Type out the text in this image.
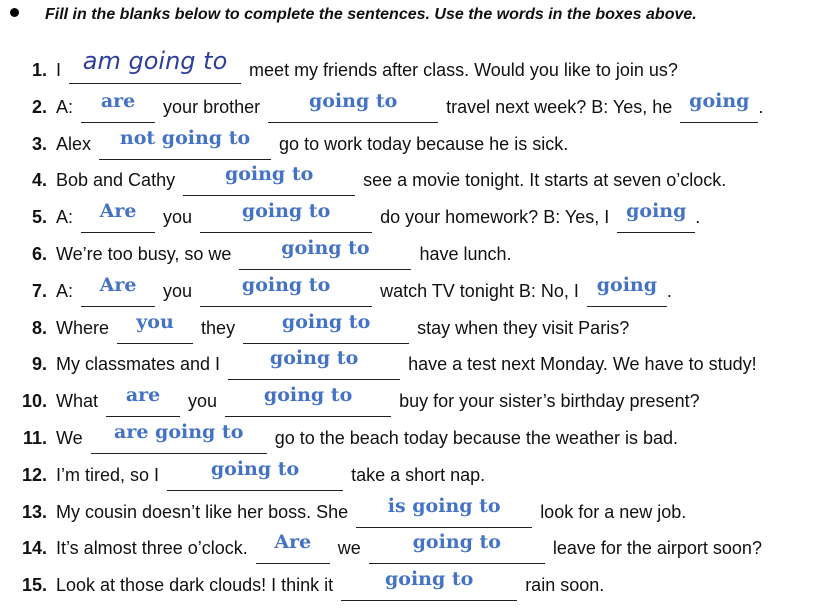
Fill in the blanks below to complete the sentences. Use the words in the boxes above.
1. I am going to meet my friends after class. Would you like to join us?
2. A: are your brother	going to	travel next week? B: Yes, he going .
3. Alex not going to go to work today because he is sick.
4. Bob and Cathy	going to	see a movie tonight. It starts at seven o’clock.
5. A: Are you	going to	do your homework? B: Yes, I going .
6. We’re too busy, so we	going to	have lunch.
7. A: Are you	going to	watch TV tonight B: No, I going .
8. Where you they going to	stay when they visit Paris?
9. My classmates and I	going to	have a test next Monday. We have to study!
10. What are you going to	buy for your sister’s birthday present?
11. We are going to go to the beach today because the weather is bad.
12. I’m tired, so I	going to	take a short nap.
13. My cousin doesn’t like her boss. She is going to look for a new job.
14. It’s almost three o’clock. Are we	going to	leave for the airport soon?
15. Look at those dark clouds! I think it	going to	rain soon.
